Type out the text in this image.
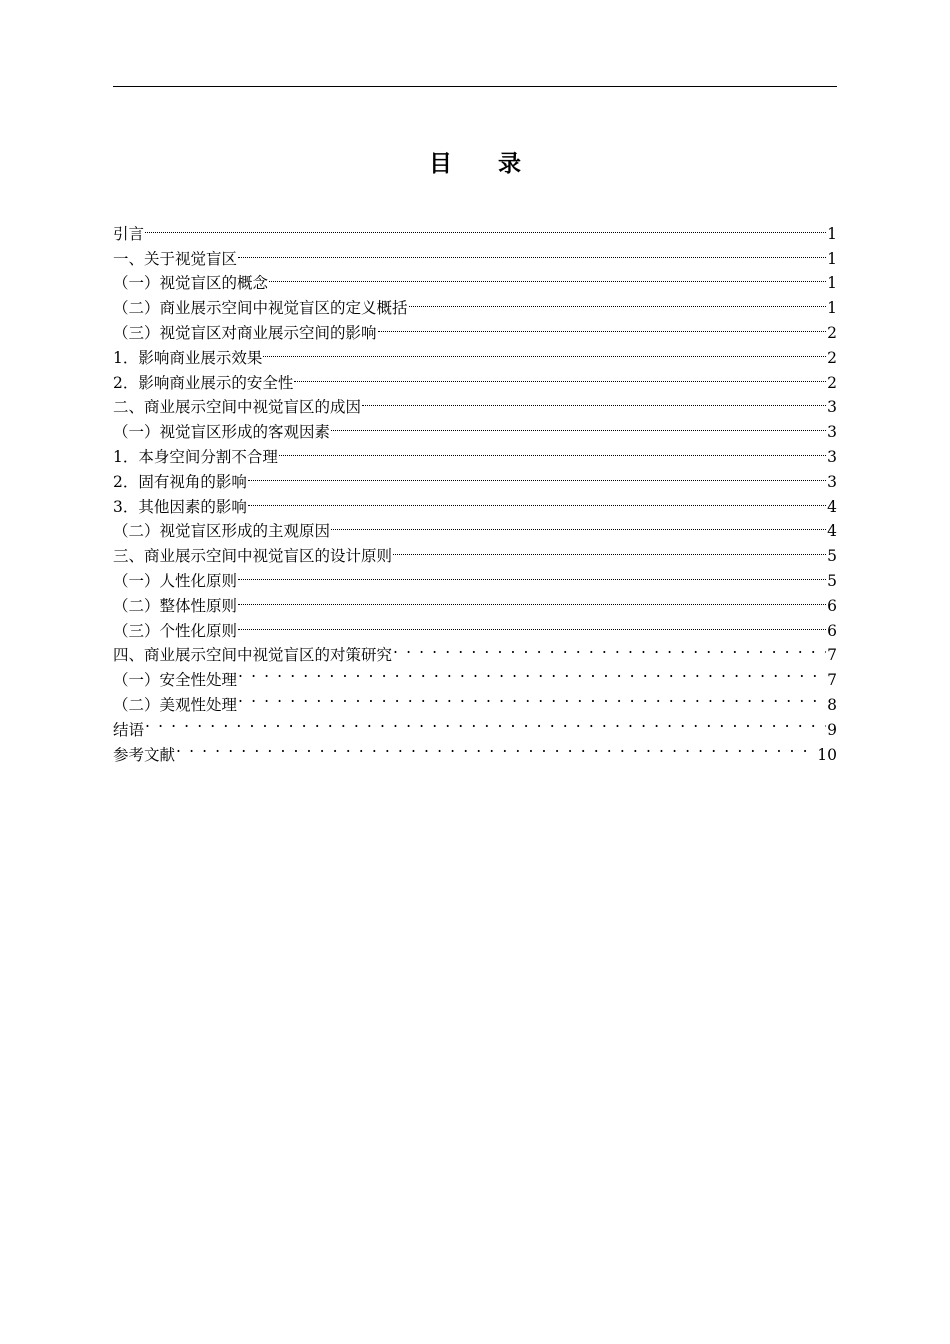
目 录
引言	1
一、关于视觉盲区	1
（一）视觉盲区的概念	1
（二）商业展示空间中视觉盲区的定义概括	1
（三）视觉盲区对商业展示空间的影响	2
1．影响商业展示效果	2
2．影响商业展示的安全性	2
二、商业展示空间中视觉盲区的成因	3
（一）视觉盲区形成的客观因素	3
1．本身空间分割不合理	3
2．固有视角的影响	3
3．其他因素的影响	4
（二）视觉盲区形成的主观原因	4
三、商业展示空间中视觉盲区的设计原则	5
（一）人性化原则	5
（二）整体性原则	6
（三）个性化原则	6
四、商业展示空间中视觉盲区的对策研究 . . .	7
（一）安全性处理 . . .	7
（二）美观性处理 . . .	8
结语 . . .	9
参考文献 . . .	10
